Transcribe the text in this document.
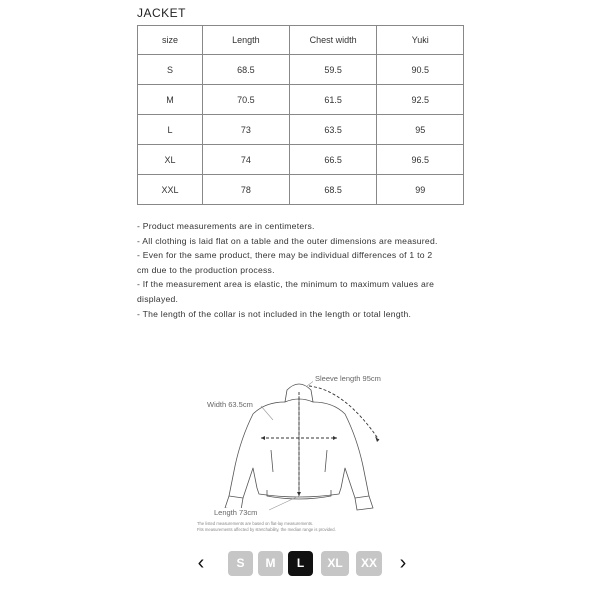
JACKET
size	Length	Chest width	Yuki
S	68.5	59.5	90.5
M	70.5	61.5	92.5
L	73	63.5	95
XL	74	66.5	96.5
XXL	78	68.5	99
- Product measurements are in centimeters.
- All clothing is laid flat on a table and the outer dimensions are measured.
- Even for the same product, there may be individual differences of 1 to 2
cm due to the production process.
- If the measurement area is elastic, the minimum to maximum values are
displayed.
- The length of the collar is not included in the length or total length.
Sleeve length 95cm
Width 63.5cm
Length 73cm
The listed measurements are based on flat-lay measurements.
Fits measurements affected by stretchability, the median range is provided.
‹	S	M	L	XL	XX	›
